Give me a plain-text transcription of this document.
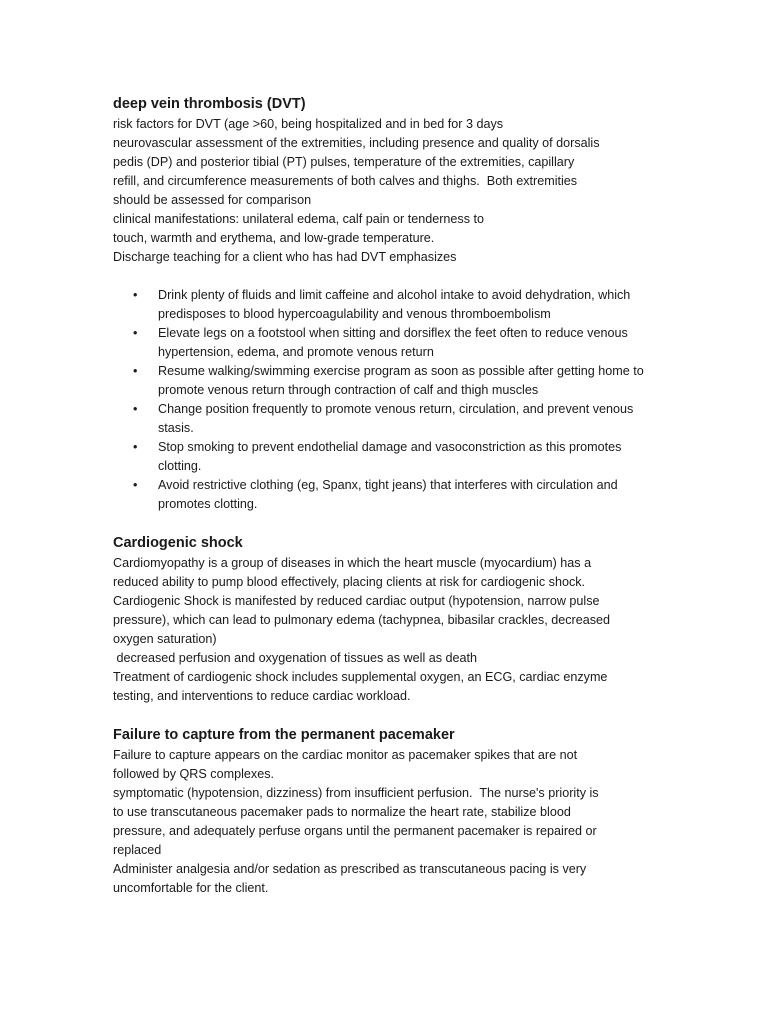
deep vein thrombosis (DVT)

risk factors for DVT (age >60, being hospitalized and in bed for 3 days

neurovascular assessment of the extremities, including presence and quality of dorsalis

pedis (DP) and posterior tibial (PT) pulses, temperature of the extremities, capillary

refill, and circumference measurements of both calves and thighs.  Both extremities

should be assessed for comparison

clinical manifestations: unilateral edema, calf pain or tenderness to

touch, warmth and erythema, and low-grade temperature.

Discharge teaching for a client who has had DVT emphasizes

• Drink plenty of fluids and limit caffeine and alcohol intake to avoid dehydration, which predisposes to blood hypercoagulability and venous thromboembolism
• Elevate legs on a footstool when sitting and dorsiflex the feet often to reduce venous hypertension, edema, and promote venous return
• Resume walking/swimming exercise program as soon as possible after getting home to promote venous return through contraction of calf and thigh muscles
• Change position frequently to promote venous return, circulation, and prevent venous stasis.
• Stop smoking to prevent endothelial damage and vasoconstriction as this promotes clotting.
• Avoid restrictive clothing (eg, Spanx, tight jeans) that interferes with circulation and promotes clotting.
Cardiogenic shock

Cardiomyopathy is a group of diseases in which the heart muscle (myocardium) has a

reduced ability to pump blood effectively, placing clients at risk for cardiogenic shock.

Cardiogenic Shock is manifested by reduced cardiac output (hypotension, narrow pulse

pressure), which can lead to pulmonary edema (tachypnea, bibasilar crackles, decreased

oxygen saturation)

decreased perfusion and oxygenation of tissues as well as death

Treatment of cardiogenic shock includes supplemental oxygen, an ECG, cardiac enzyme

testing, and interventions to reduce cardiac workload.

Failure to capture from the permanent pacemaker

Failure to capture appears on the cardiac monitor as pacemaker spikes that are not

followed by QRS complexes.

symptomatic (hypotension, dizziness) from insufficient perfusion.  The nurse's priority is

to use transcutaneous pacemaker pads to normalize the heart rate, stabilize blood

pressure, and adequately perfuse organs until the permanent pacemaker is repaired or

replaced

Administer analgesia and/or sedation as prescribed as transcutaneous pacing is very

uncomfortable for the client.
